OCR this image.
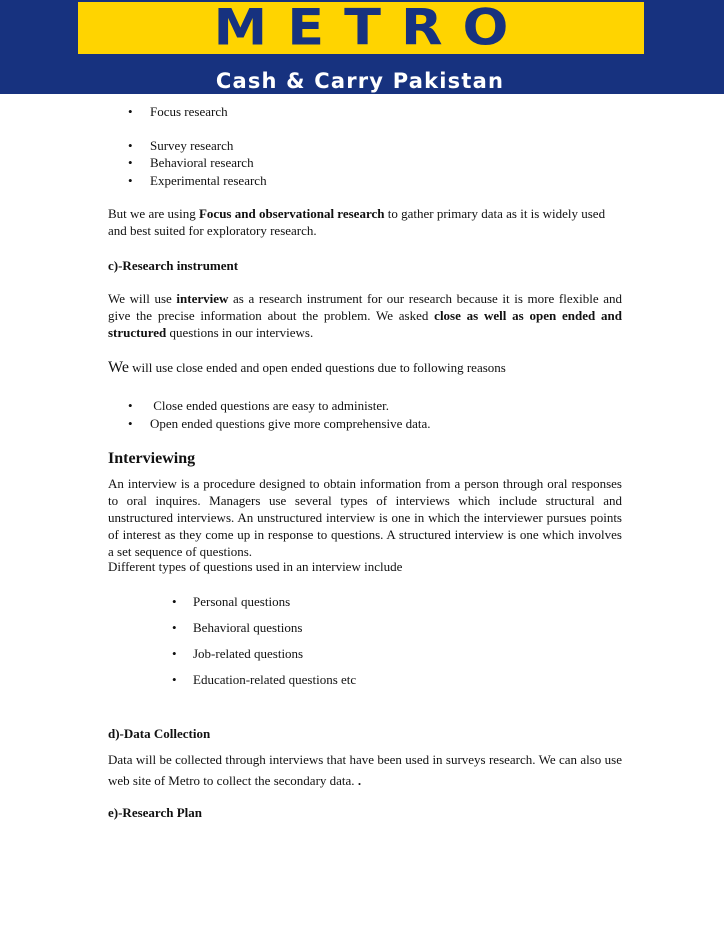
METRO
Cash & Carry Pakistan
• Focus research
• Survey research
• Behavioral research
• Experimental research

But we are using Focus and observational research to gather primary data as it is widely used and best suited for exploratory research.

c)-Research instrument

We will use interview as a research instrument for our research because it is more flexible and give the precise information about the problem. We asked close as well as open ended and structured questions in our interviews.

We will use close ended and open ended questions due to following reasons

• Close ended questions are easy to administer.
• Open ended questions give more comprehensive data.

Interviewing

An interview is a procedure designed to obtain information from a person through oral responses to oral inquires. Managers use several types of interviews which include structural and unstructured interviews. An unstructured interview is one in which the interviewer pursues points of interest as they come up in response to questions. A structured interview is one which involves a set sequence of questions.

Different types of questions used in an interview include

• Personal questions
• Behavioral questions
• Job-related questions
• Education-related questions etc

d)-Data Collection

Data will be collected through interviews that have been used in surveys research. We can also use web site of Metro to collect the secondary data. .

e)-Research Plan
